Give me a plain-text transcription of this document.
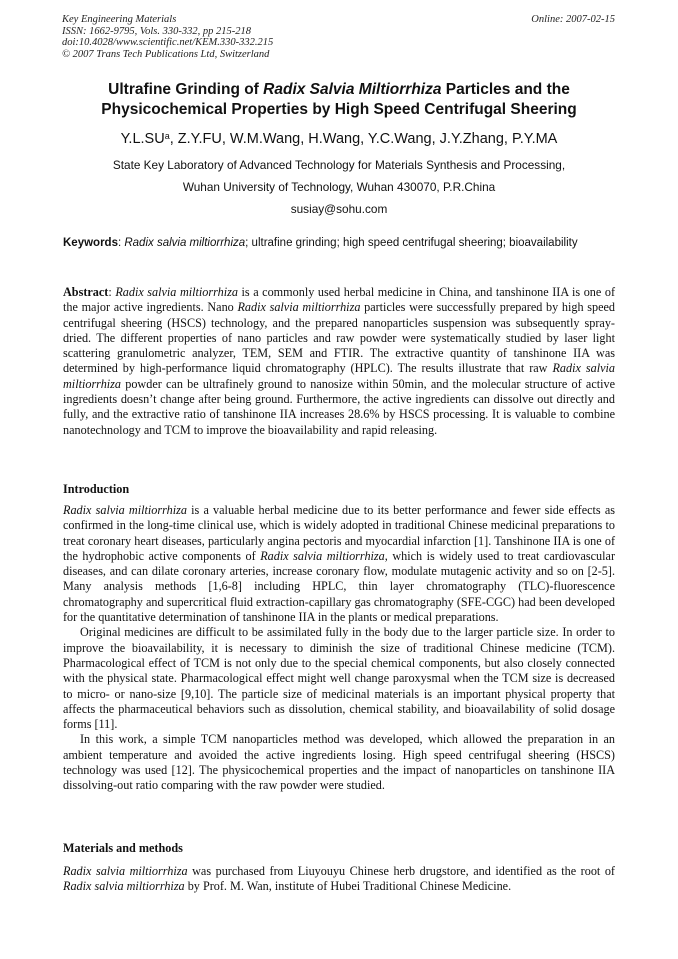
Key Engineering Materials
ISSN: 1662-9795, Vols. 330-332, pp 215-218
doi:10.4028/www.scientific.net/KEM.330-332.215
© 2007 Trans Tech Publications Ltd, Switzerland
Online: 2007-02-15
Ultrafine Grinding of Radix Salvia Miltiorrhiza Particles and the
Physicochemical Properties by High Speed Centrifugal Sheering
$Y.L.SU^a$, Z.Y.FU, W.M.Wang, H.Wang, Y.C.Wang, J.Y.Zhang, P.Y.MA
State Key Laboratory of Advanced Technology for Materials Synthesis and Processing,
Wuhan University of Technology, Wuhan 430070, P.R.China
susiay@sohu.com
Keywords: Radix salvia miltiorrhiza; ultrafine grinding; high speed centrifugal sheering; bioavailability
Abstract: Radix salvia miltiorrhiza is a commonly used herbal medicine in China, and tanshinone IIA is one of the major active ingredients. Nano Radix salvia miltiorrhiza particles were successfully prepared by high speed centrifugal sheering (HSCS) technology, and the prepared nanoparticles suspension was subsequently spray-dried. The different properties of nano particles and raw powder were systematically studied by laser light scattering granulometric analyzer, TEM, SEM and FTIR. The extractive quantity of tanshinone IIA was determined by high-performance liquid chromatography (HPLC). The results illustrate that raw Radix salvia miltiorrhiza powder can be ultrafinely ground to nanosize within 50min, and the molecular structure of active ingredients doesn’t change after being ground. Furthermore, the active ingredients can dissolve out directly and fully, and the extractive ratio of tanshinone IIA increases 28.6% by HSCS processing. It is valuable to combine nanotechnology and TCM to improve the bioavailability and rapid releasing.
Introduction

Radix salvia miltiorrhiza is a valuable herbal medicine due to its better performance and fewer side effects as confirmed in the long-time clinical use, which is widely adopted in traditional Chinese medicinal preparations to treat coronary heart diseases, particularly angina pectoris and myocardial infarction [1]. Tanshinone IIA is one of the hydrophobic active components of Radix salvia miltiorrhiza, which is widely used to treat cardiovascular diseases, and can dilate coronary arteries, increase coronary flow, modulate mutagenic activity and so on [2-5]. Many analysis methods [1,6-8] including HPLC, thin layer chromatography (TLC)-fluorescence chromatography and supercritical fluid extraction-capillary gas chromatography (SFE-CGC) had been developed for the quantitative determination of tanshinone IIA in the plants or medical preparations.

Original medicines are difficult to be assimilated fully in the body due to the larger particle size. In order to improve the bioavailability, it is necessary to diminish the size of traditional Chinese medicine (TCM). Pharmacological effect of TCM is not only due to the special chemical components, but also closely connected with the physical state. Pharmacological effect might well change paroxysmal when the TCM size is decreased to micro- or nano-size [9,10]. The particle size of medicinal materials is an important physical property that affects the pharmaceutical behaviors such as dissolution, chemical stability, and bioavailability of solid dosage forms [11].

In this work, a simple TCM nanoparticles method was developed, which allowed the preparation in an ambient temperature and avoided the active ingredients losing. High speed centrifugal sheering (HSCS) technology was used [12]. The physicochemical properties and the impact of nanoparticles on tanshinone IIA dissolving-out ratio comparing with the raw powder were studied.

Materials and methods

Radix salvia miltiorrhiza was purchased from Liuyouyu Chinese herb drugstore, and identified as the root of Radix salvia miltiorrhiza by Prof. M. Wan, institute of Hubei Traditional Chinese Medicine.
